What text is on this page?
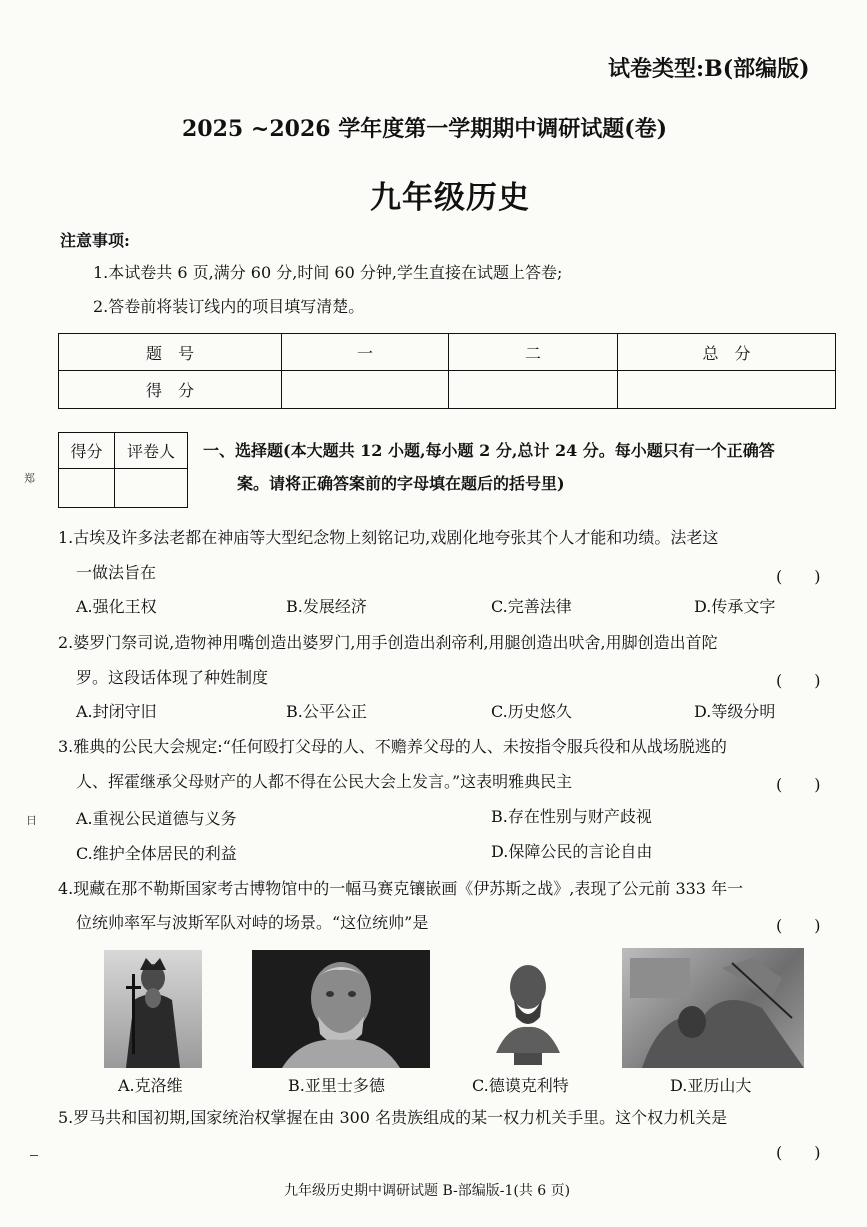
试卷类型:B(部编版)
2025 ~2026 学年度第一学期期中调研试题(卷)
九年级历史
注意事项:
1.本试卷共 6 页,满分 60 分,时间 60 分钟,学生直接在试题上答卷;
2.答卷前将装订线内的项目填写清楚。
题　号	一	二	总　分
得　分			
得分	评卷人
	一、选择题(本大题共 12 小题,每小题 2 分,总计 24 分。每小题只有一个正确答
案。请将正确答案前的字母填在题后的括号里)
1.古埃及许多法老都在神庙等大型纪念物上刻铭记功,戏剧化地夸张其个人才能和功绩。法老这
一做法旨在	(　　)
A.强化王权	B.发展经济	C.完善法律	D.传承文字
2.婆罗门祭司说,造物神用嘴创造出婆罗门,用手创造出刹帝利,用腿创造出吠舍,用脚创造出首陀
罗。这段话体现了种姓制度	(　　)
A.封闭守旧	B.公平公正	C.历史悠久	D.等级分明
3.雅典的公民大会规定:“任何殴打父母的人、不赡养父母的人、未按指令服兵役和从战场脱逃的
人、挥霍继承父母财产的人都不得在公民大会上发言。”这表明雅典民主	(　　)
A.重视公民道德与义务	B.存在性别与财产歧视
C.维护全体居民的利益	D.保障公民的言论自由
4.现藏在那不勒斯国家考古博物馆中的一幅马赛克镶嵌画《伊苏斯之战》,表现了公元前 333 年一
位统帅率军与波斯军队对峙的场景。“这位统帅”是	(　　)
A.克洛维	B.亚里士多德	C.德谟克利特	D.亚历山大
5.罗马共和国初期,国家统治权掌握在由 300 名贵族组成的某一权力机关手里。这个权力机关是
(　　)
郑
日
九年级历史期中调研试题 B-部编版-1(共 6 页)
